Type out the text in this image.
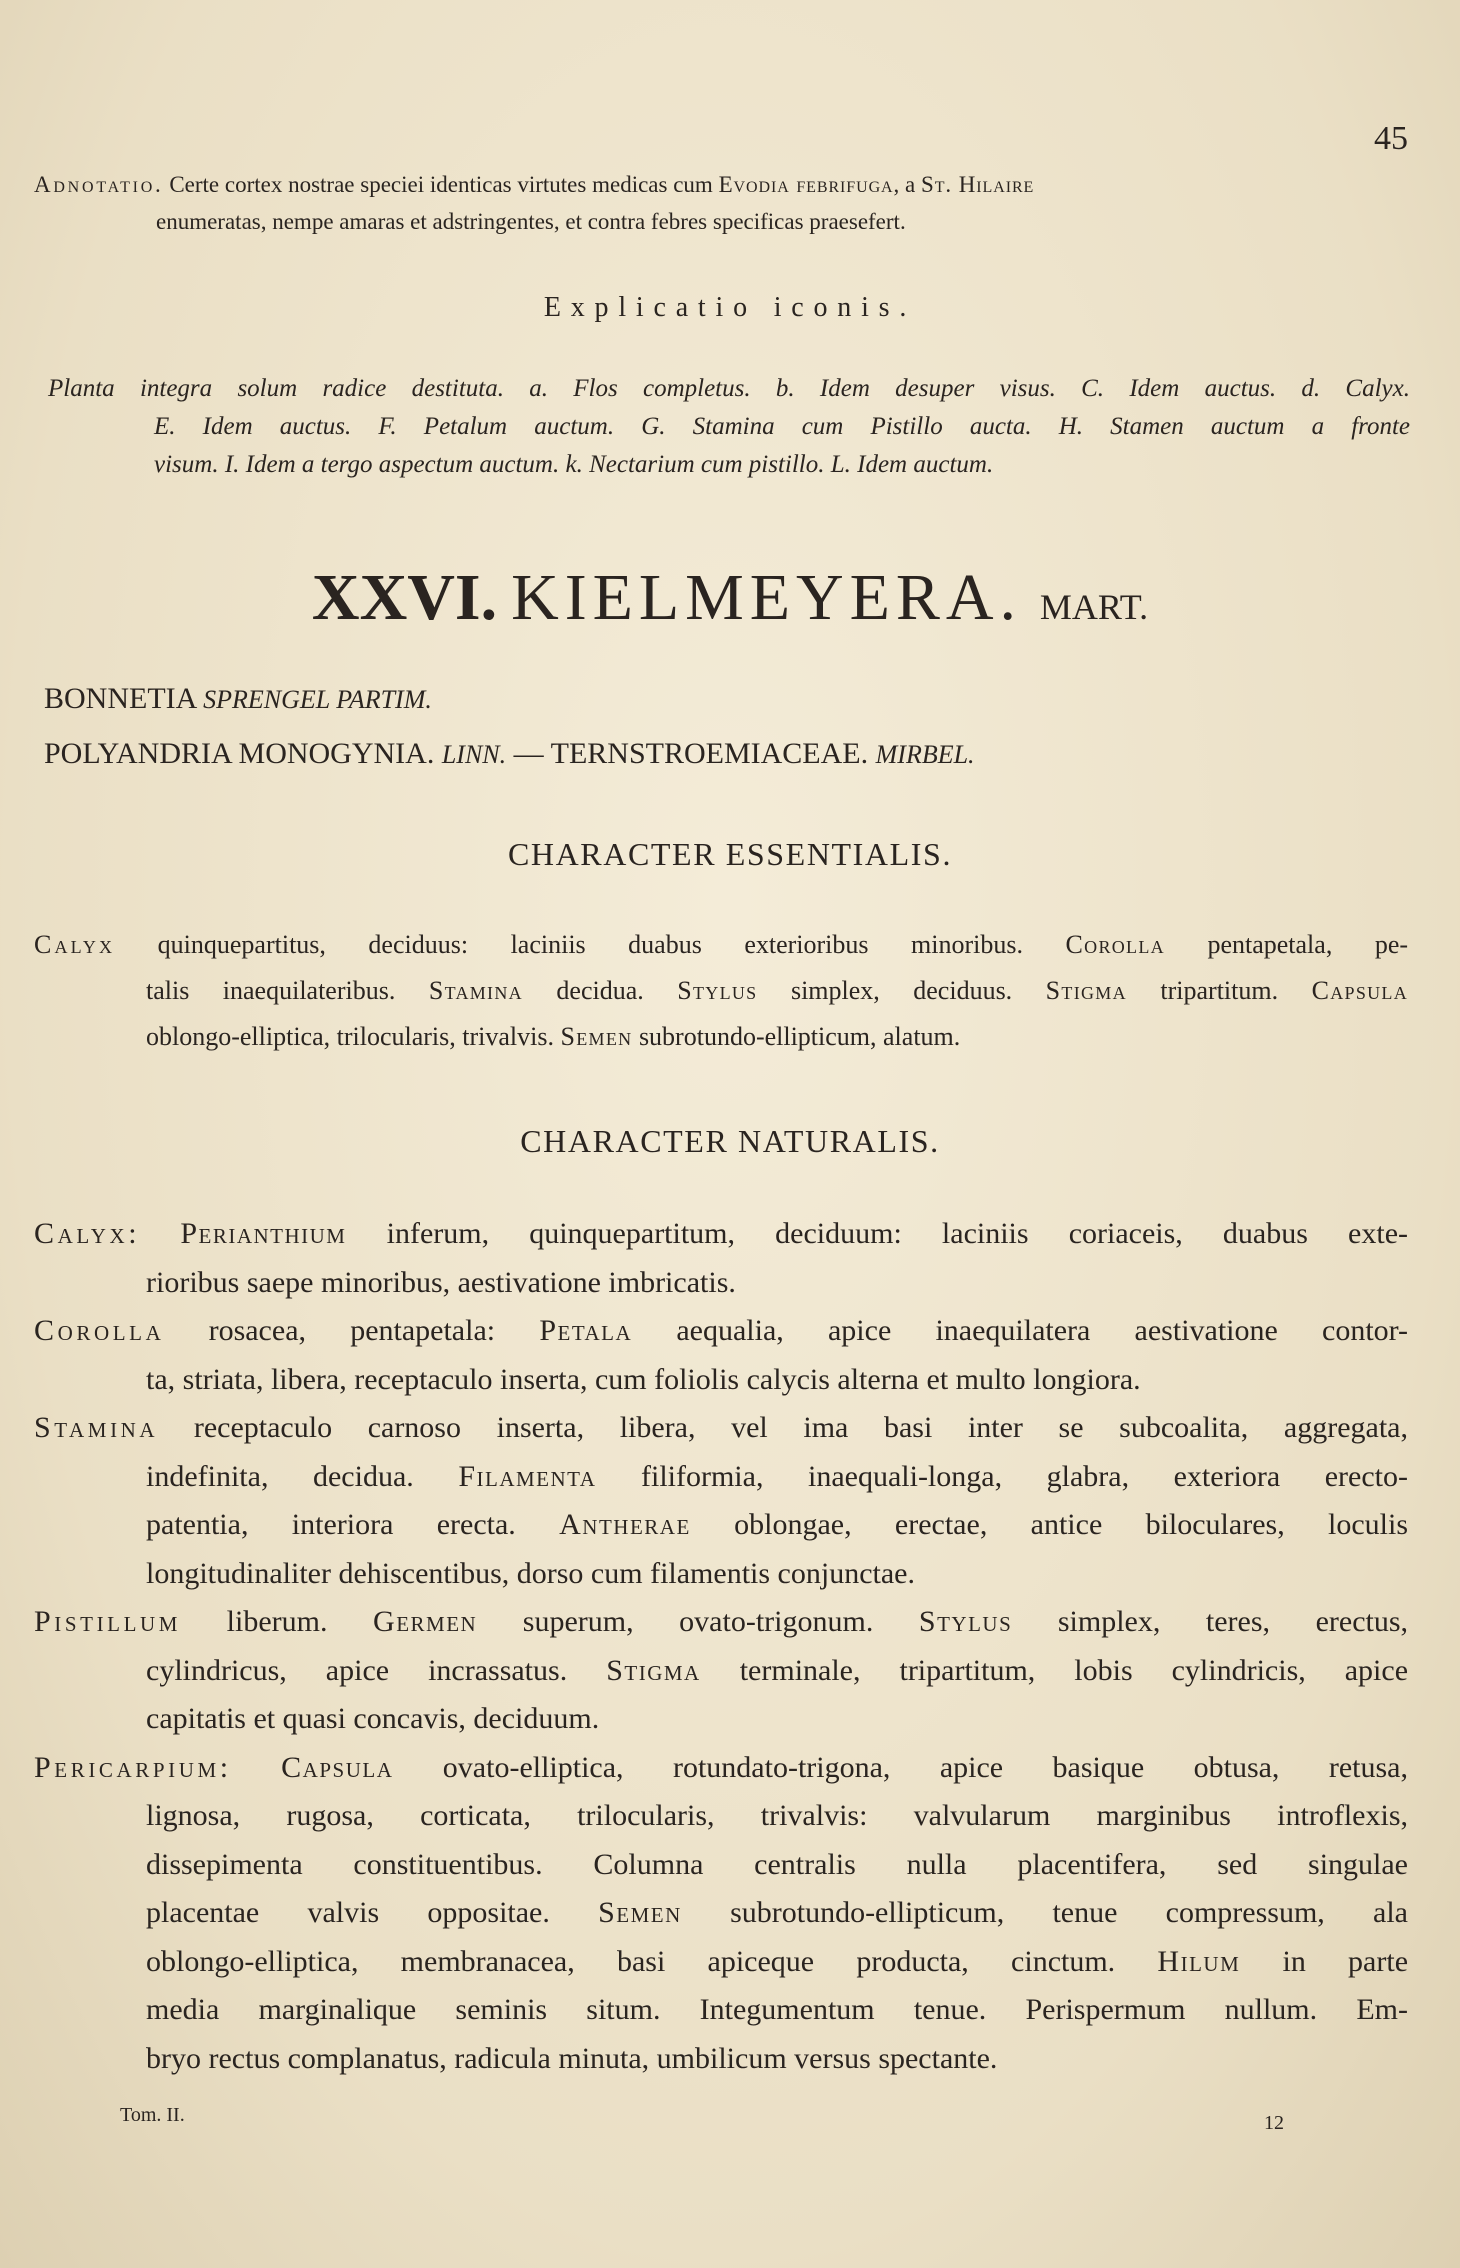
45

Adnotatio. Certe cortex nostrae speciei identicas virtutes medicas cum Evodia febrifuga, a St. Hilaire
enumeratas, nempe amaras et adstringentes, et contra febres specificas praesefert.

Explicatio iconis.

Planta integra solum radice destituta. a. Flos completus. b. Idem desuper visus. C. Idem auctus. d. Calyx.
E. Idem auctus. F. Petalum auctum. G. Stamina cum Pistillo aucta. H. Stamen auctum a fronte
visum. I. Idem a tergo aspectum auctum. k. Nectarium cum pistillo. L. Idem auctum.

XXVI. KIELMEYERA. MART.
BONNETIA SPRENGEL PARTIM.
POLYANDRIA MONOGYNIA. LINN. — TERNSTROEMIACEAE. MIRBEL.
CHARACTER ESSENTIALIS.

Calyx quinquepartitus, deciduus: laciniis duabus exterioribus minoribus. Corolla pentapetala, pe-
talis inaequilateribus. Stamina decidua. Stylus simplex, deciduus. Stigma tripartitum. Capsula
oblongo-elliptica, trilocularis, trivalvis. Semen subrotundo-ellipticum, alatum.

CHARACTER NATURALIS.

Calyx: Perianthium inferum, quinquepartitum, deciduum: laciniis coriaceis, duabus exte-
rioribus saepe minoribus, aestivatione imbricatis.

Corolla rosacea, pentapetala: Petala aequalia, apice inaequilatera aestivatione contor-
ta, striata, libera, receptaculo inserta, cum foliolis calycis alterna et multo longiora.

Stamina receptaculo carnoso inserta, libera, vel ima basi inter se subcoalita, aggregata,
indefinita, decidua. Filamenta filiformia, inaequali-longa, glabra, exteriora erecto-
patentia, interiora erecta. Antherae oblongae, erectae, antice biloculares, loculis
longitudinaliter dehiscentibus, dorso cum filamentis conjunctae.

Pistillum liberum. Germen superum, ovato-trigonum. Stylus simplex, teres, erectus,
cylindricus, apice incrassatus. Stigma terminale, tripartitum, lobis cylindricis, apice
capitatis et quasi concavis, deciduum.

Pericarpium: Capsula ovato-elliptica, rotundato-trigona, apice basique obtusa, retusa,
lignosa, rugosa, corticata, trilocularis, trivalvis: valvularum marginibus introflexis,
dissepimenta constituentibus. Columna centralis nulla placentifera, sed singulae
placentae valvis oppositae. Semen subrotundo-ellipticum, tenue compressum, ala
oblongo-elliptica, membranacea, basi apiceque producta, cinctum. Hilum in parte
media marginalique seminis situm. Integumentum tenue. Perispermum nullum. Em-
bryo rectus complanatus, radicula minuta, umbilicum versus spectante.

Tom. II.	12
